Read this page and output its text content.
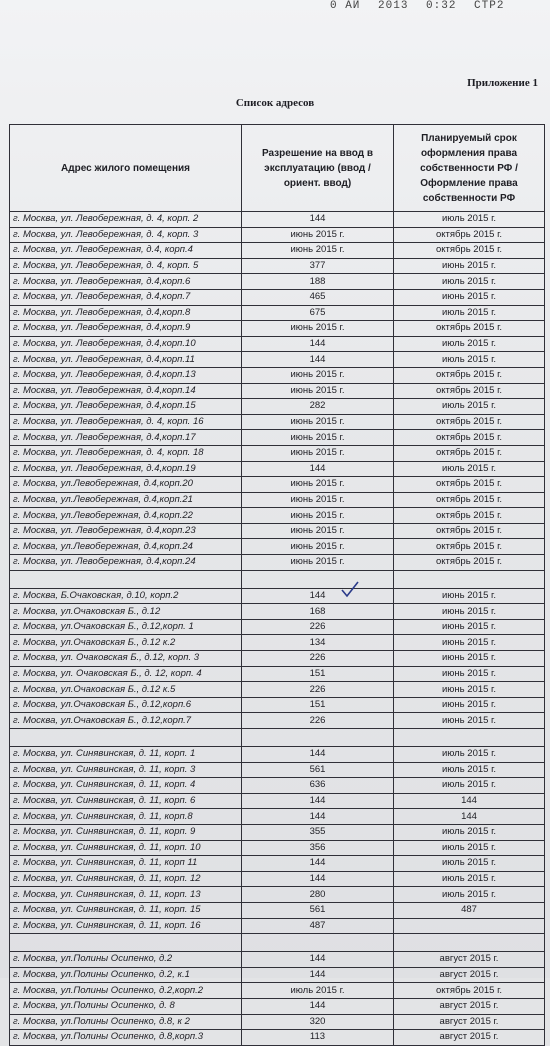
0 АЙ 2013 0:32 СТР2
Приложение 1
Список адресов
Адрес жилого помещения	Разрешение на ввод в эксплуатацию (ввод / ориент. ввод)	Планируемый срок оформления права собственности РФ /Оформление права собственности РФ
г. Москва, ул. Левобережная, д. 4, корп. 2	144	июль 2015 г.
г. Москва, ул. Левобережная, д. 4, корп. 3	июнь 2015 г.	октябрь 2015 г.
г. Москва, ул. Левобережная, д.4, корп.4	июнь 2015 г.	октябрь 2015 г.
г. Москва, ул. Левобережная, д. 4, корп. 5	377	июнь 2015 г.
г. Москва, ул. Левобережная, д.4,корп.6	188	июль 2015 г.
г. Москва, ул. Левобережная, д.4,корп.7	465	июнь 2015 г.
г. Москва, ул. Левобережная, д.4,корп.8	675	июль 2015 г.
г. Москва, ул. Левобережная, д.4,корп.9	июнь 2015 г.	октябрь 2015 г.
г. Москва, ул. Левобережная, д.4,корп.10	144	июль 2015 г.
г. Москва, ул. Левобережная, д.4,корп.11	144	июль 2015 г.
г. Москва, ул. Левобережная, д.4,корп.13	июнь 2015 г.	октябрь 2015 г.
г. Москва, ул. Левобережная, д.4,корп.14	июнь 2015 г.	октябрь 2015 г.
г. Москва, ул. Левобережная, д.4,корп.15	282	июль 2015 г.
г. Москва, ул. Левобережная, д. 4, корп. 16	июнь 2015 г.	октябрь 2015 г.
г. Москва, ул. Левобережная, д.4,корп.17	июнь 2015 г.	октябрь 2015 г.
г. Москва, ул. Левобережная, д. 4, корп. 18	июнь 2015 г.	октябрь 2015 г.
г. Москва, ул. Левобережная, д.4,корп.19	144	июль 2015 г.
г. Москва, ул.Левобережная, д.4,корп.20	июнь 2015 г.	октябрь 2015 г.
г. Москва, ул.Левобережная, д.4,корп.21	июнь 2015 г.	октябрь 2015 г.
г. Москва, ул.Левобережная, д.4,корп.22	июнь 2015 г.	октябрь 2015 г.
г. Москва, ул. Левобережная, д.4,корп.23	июнь 2015 г.	октябрь 2015 г.
г. Москва, ул.Левобережная, д.4,корп.24	июнь 2015 г.	октябрь 2015 г.
г. Москва, ул. Левобережная, д.4,корп.24	июнь 2015 г.	октябрь 2015 г.

г. Москва, Б.Очаковская, д.10, корп.2	144	июнь 2015 г.
г. Москва, ул.Очаковская Б., д.12	168	июнь 2015 г.
г. Москва, ул.Очаковская Б., д.12,корп. 1	226	июнь 2015 г.
г. Москва, ул.Очаковская Б., д.12 к.2	134	июнь 2015 г.
г. Москва, ул. Очаковская Б., д.12, корп. 3	226	июнь 2015 г.
г. Москва, ул. Очаковская Б., д. 12, корп. 4	151	июнь 2015 г.
г. Москва, ул.Очаковская Б., д.12 к.5	226	июнь 2015 г.
г. Москва, ул.Очаковская Б., д.12,корп.6	151	июнь 2015 г.
г. Москва, ул.Очаковская Б., д.12,корп.7	226	июнь 2015 г.

г. Москва, ул. Синявинская, д. 11, корп. 1	144	июль 2015 г.
г. Москва, ул. Синявинская, д. 11, корп. 3	561	июль 2015 г.
г. Москва, ул. Синявинская, д. 11, корп. 4	636	июль 2015 г.
г. Москва, ул. Синявинская, д. 11, корп. 6	144	144
г. Москва, ул. Синявинская, д. 11, корп.8	144	144
г. Москва, ул. Синявинская, д. 11, корп. 9	355	июль 2015 г.
г. Москва, ул. Синявинская, д. 11, корп. 10	356	июль 2015 г.
г. Москва, ул. Синявинская, д. 11, корп 11	144	июль 2015 г.
г. Москва, ул. Синявинская, д. 11, корп. 12	144	июль 2015 г.
г. Москва, ул. Синявинская, д. 11, корп. 13	280	июль 2015 г.
г. Москва, ул. Синявинская, д. 11, корп. 15	561	487
г. Москва, ул. Синявинская, д. 11, корп. 16	487	

г. Москва, ул.Полины Осипенко, д.2	144	август 2015 г.
г. Москва, ул.Полины Осипенко, д.2, к.1	144	август 2015 г.
г. Москва, ул.Полины Осипенко, д.2,корп.2	июль 2015 г.	октябрь 2015 г.
г. Москва, ул.Полины Осипенко, д. 8	144	август 2015 г.
г. Москва, ул.Полины Осипенко, д.8, к 2	320	август 2015 г.
г. Москва, ул.Полины Осипенко, д.8,корп.3	113	август 2015 г.
